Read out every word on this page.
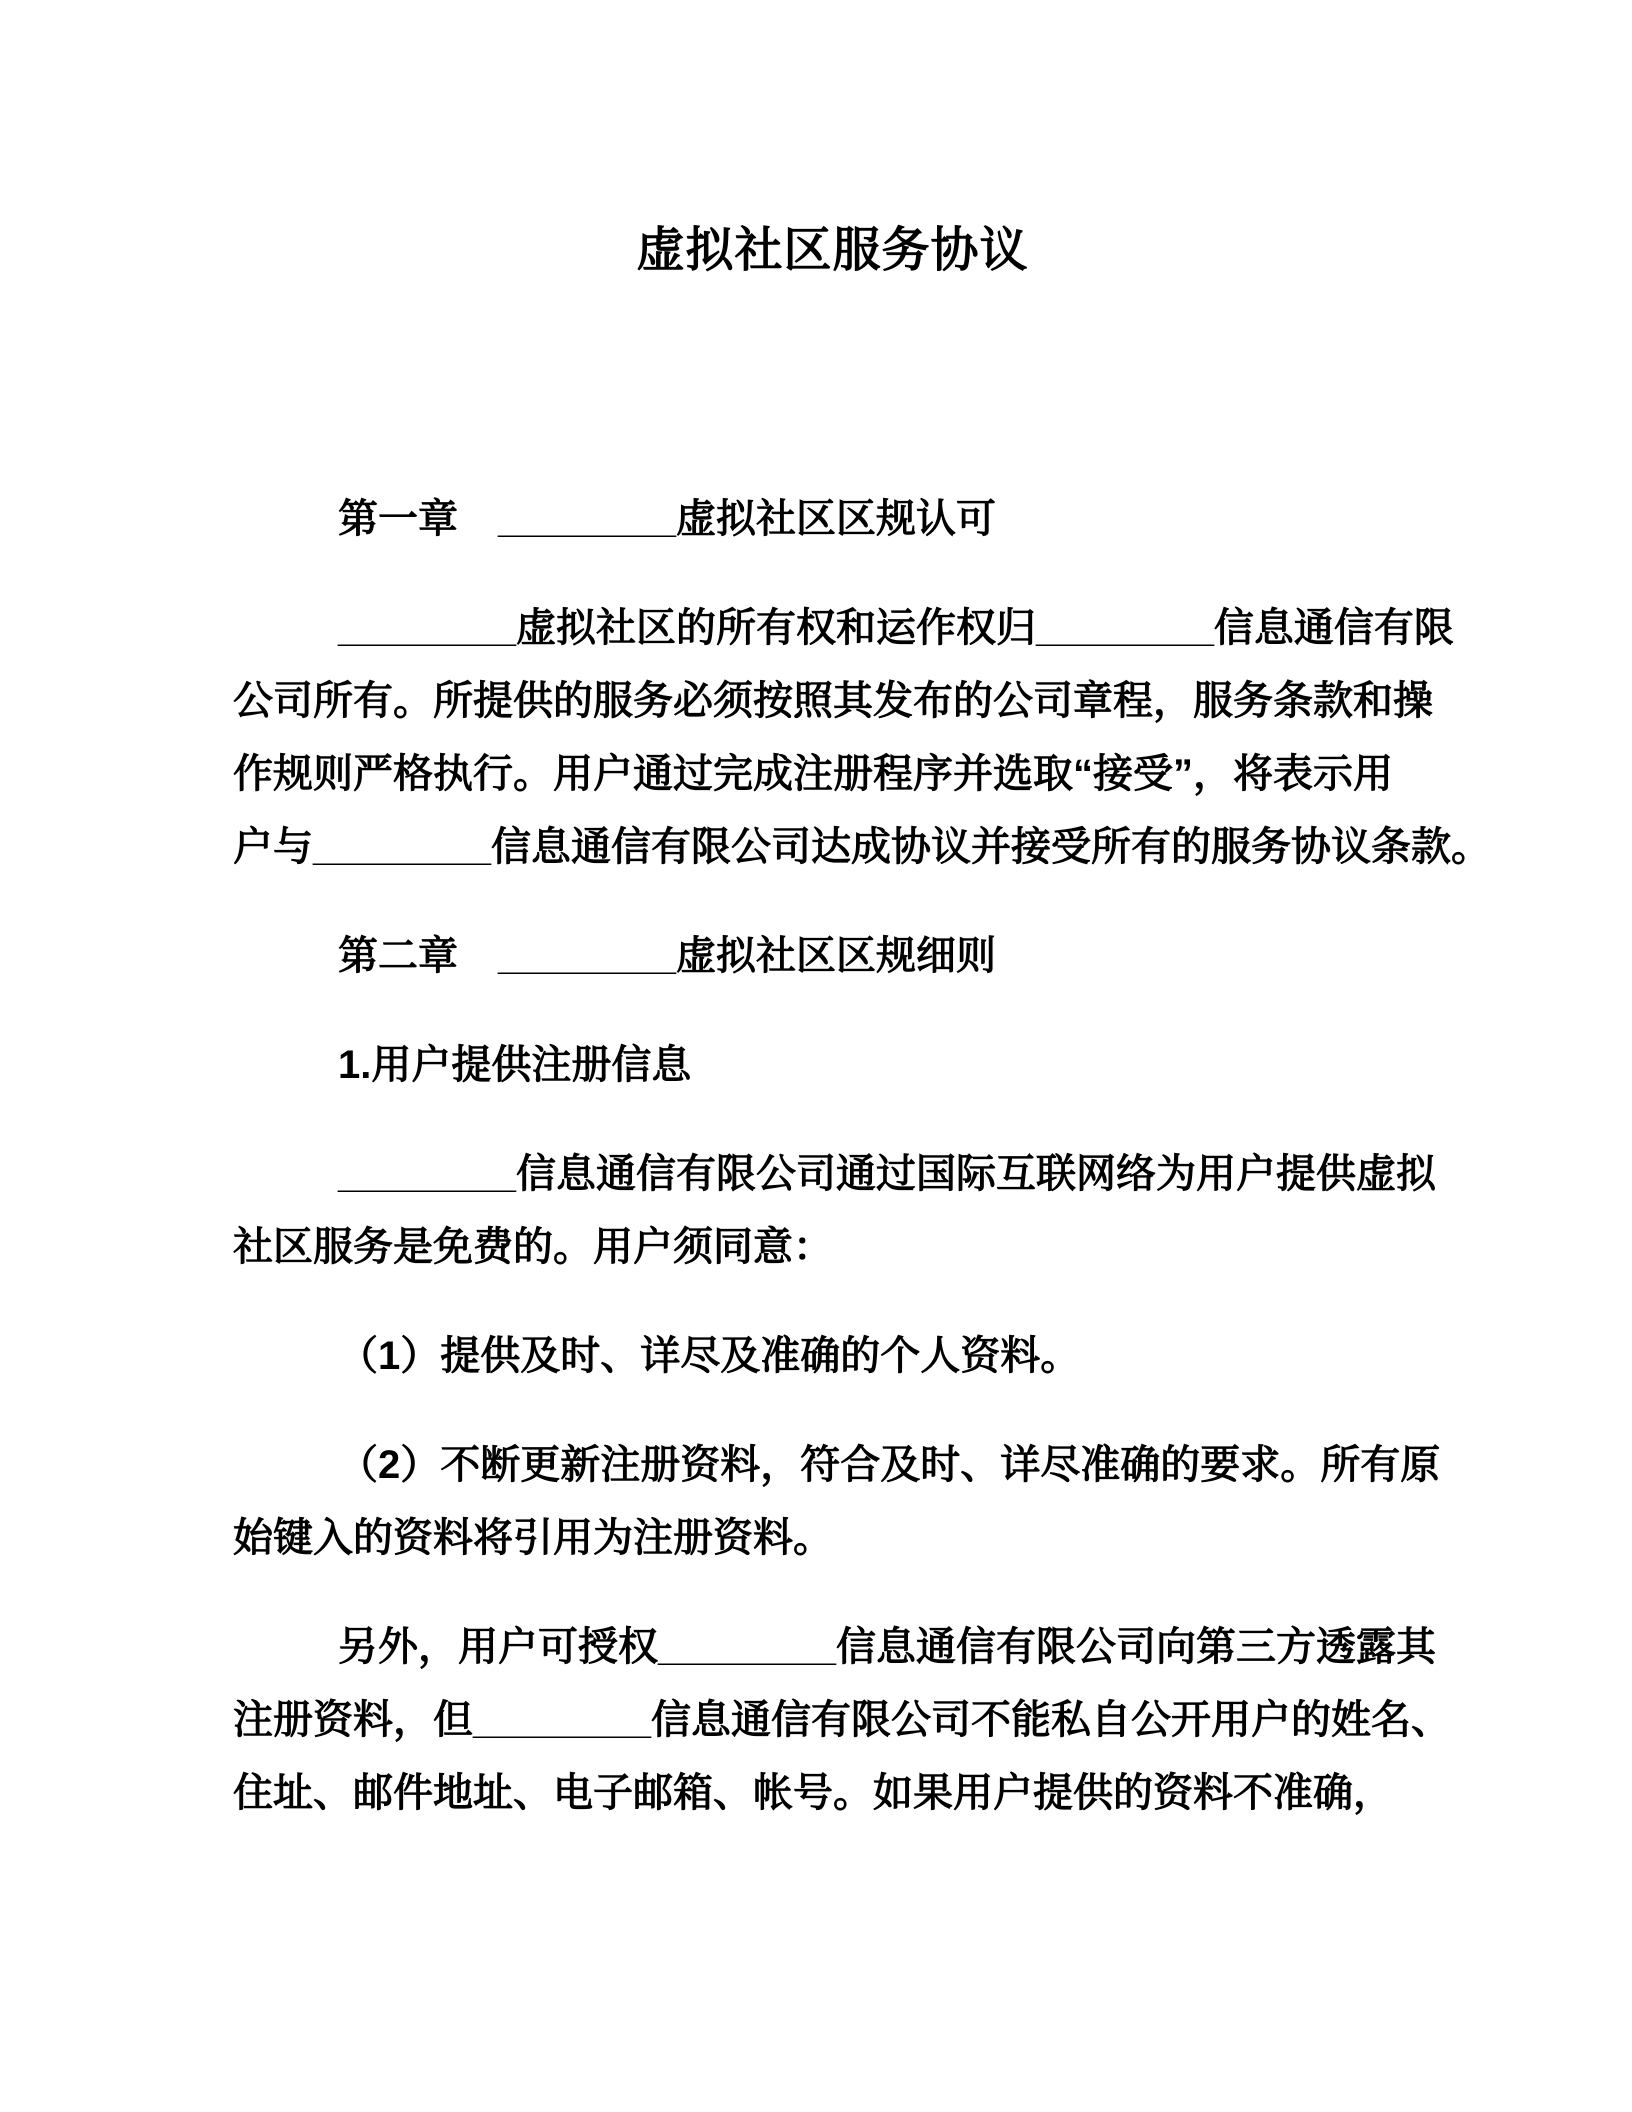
虚拟社区服务协议

第一章　________虚拟社区区规认可

________虚拟社区的所有权和运作权归________信息通信有限
公司所有。所提供的服务必须按照其发布的公司章程，服务条款和操
作规则严格执行。用户通过完成注册程序并选取“接受”，将表示用
户与________信息通信有限公司达成协议并接受所有的服务协议条款。

第二章　________虚拟社区区规细则

1.用户提供注册信息

________信息通信有限公司通过国际互联网络为用户提供虚拟
社区服务是免费的。用户须同意：

（1）提供及时、详尽及准确的个人资料。

（2）不断更新注册资料，符合及时、详尽准确的要求。所有原
始键入的资料将引用为注册资料。

另外，用户可授权________信息通信有限公司向第三方透露其
注册资料，但________信息通信有限公司不能私自公开用户的姓名、
住址、邮件地址、电子邮箱、帐号。如果用户提供的资料不准确，
